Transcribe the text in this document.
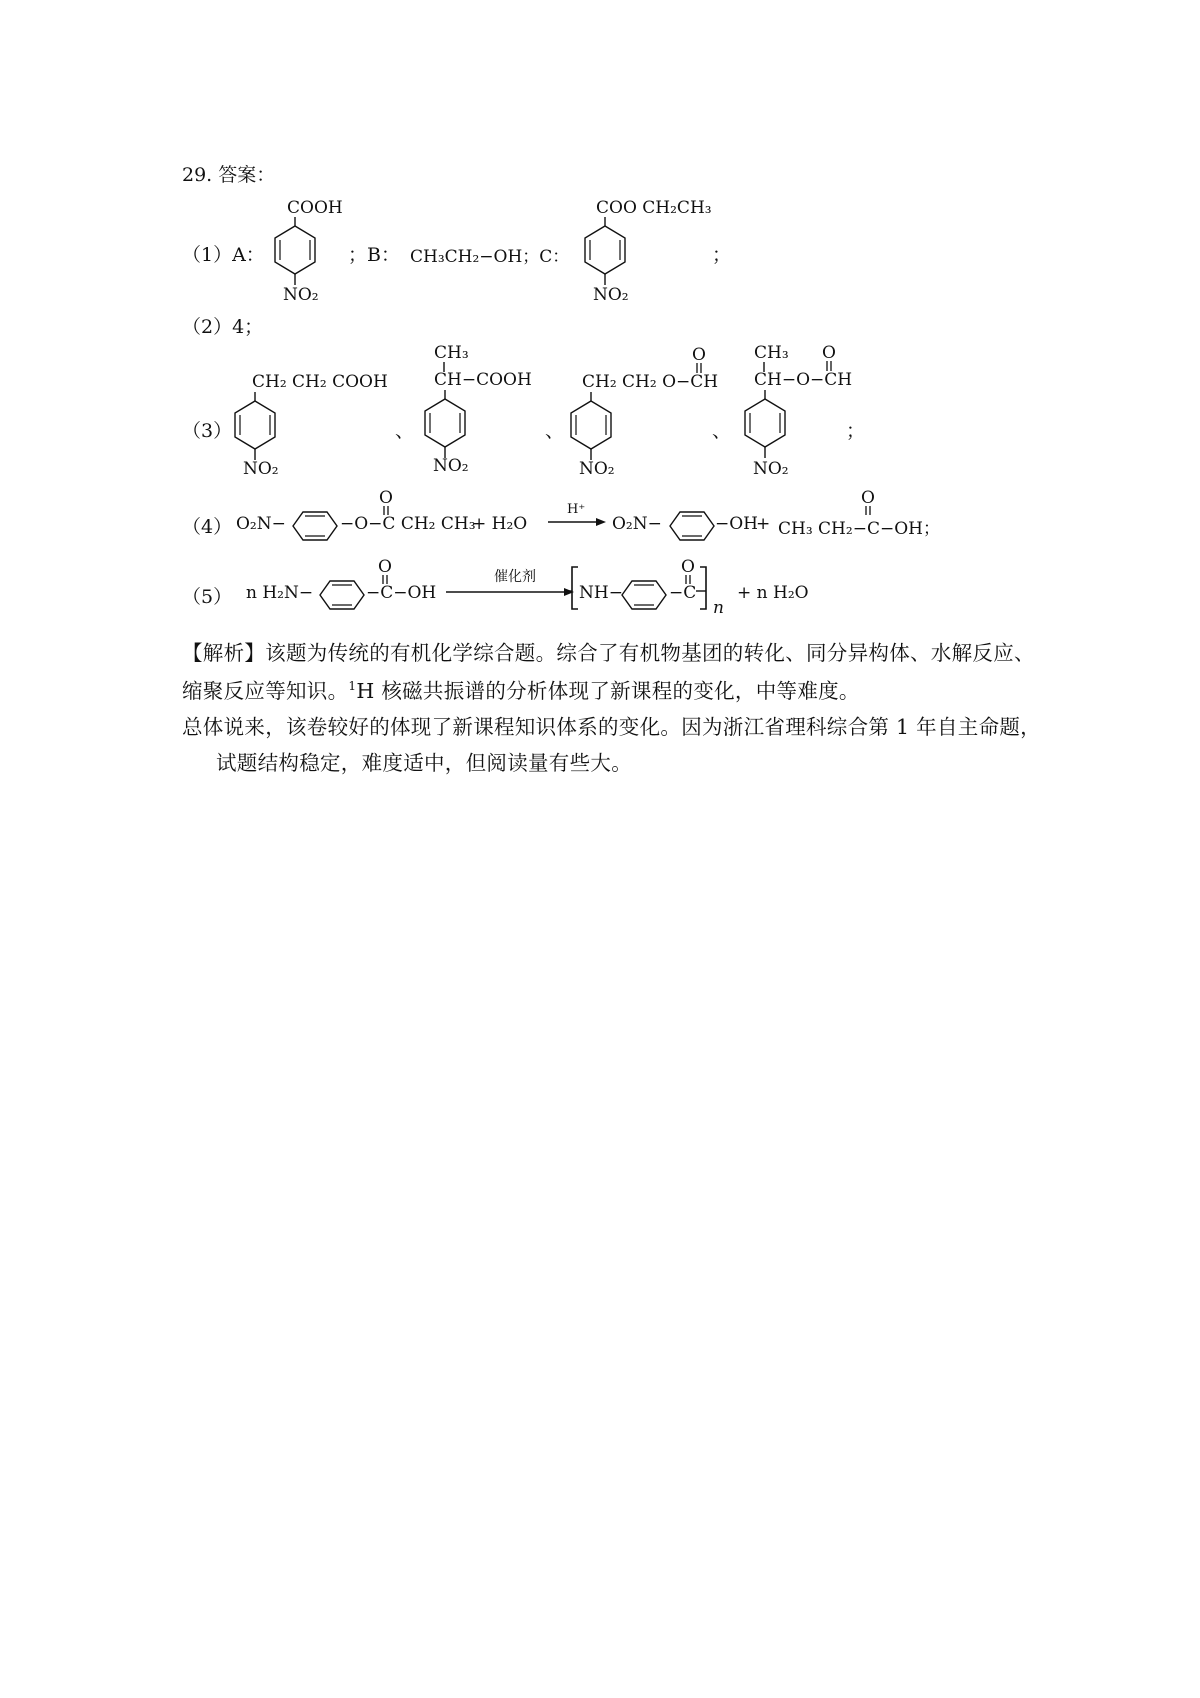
29. 答案：
（1）A：
COOH
NO₂
；B： CH₃CH₂−OH；C：
COO CH₂CH₃
NO₂
；
（2）4；
（3）
CH₂ CH₂ COOH
NO₂
、
CH₃
CH−COOH
NO₂
、
O
CH₂ CH₂ O−CH
NO₂
、
CH₃ O
CH−O−CH
NO₂
；
（4） O₂N−
O
−O−C CH₂ CH₃
+ H₂O
H⁺
O₂N−	−OH
+
O
CH₃ CH₂−C−OH；
（5） n H₂N−
O
−C−OH
催化剂
NH−
O
−C
n
+ n H₂O
【解析】该题为传统的有机化学综合题。综合了有机物基团的转化、同分异构体、水解反应、
缩聚反应等知识。$^1$H 核磁共振谱的分析体现了新课程的变化，中等难度。
总体说来，该卷较好的体现了新课程知识体系的变化。因为浙江省理科综合第 1 年自主命题，
试题结构稳定，难度适中，但阅读量有些大。
